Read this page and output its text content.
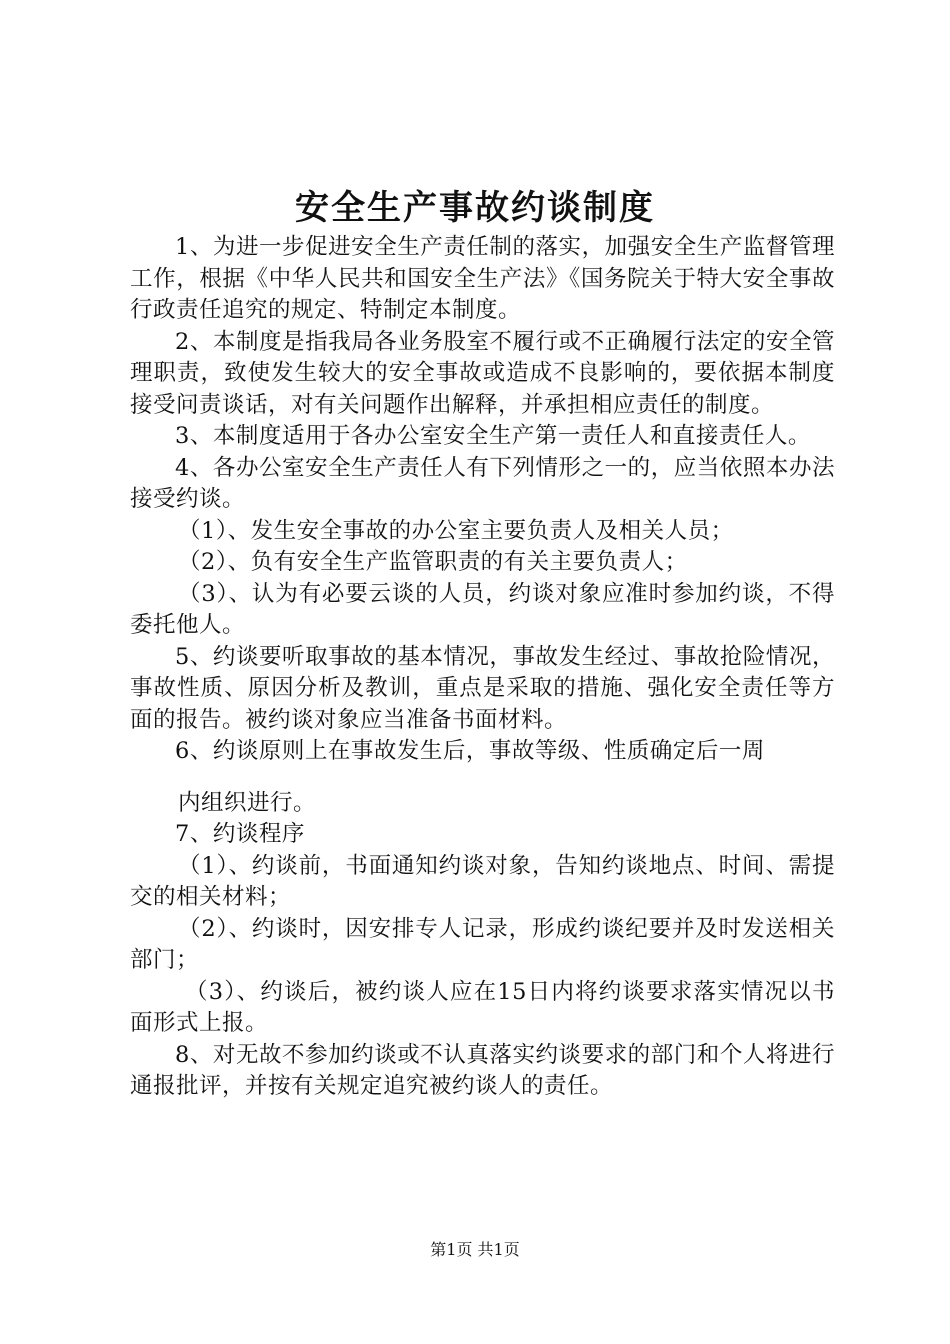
安全生产事故约谈制度

1、为进一步促进安全生产责任制的落实，加强安全生产监督管理工作，根据《中华人民共和国安全生产法》《国务院关于特大安全事故行政责任追究的规定、特制定本制度。

2、本制度是指我局各业务股室不履行或不正确履行法定的安全管理职责，致使发生较大的安全事故或造成不良影响的，要依据本制度接受问责谈话，对有关问题作出解释，并承担相应责任的制度。

3、本制度适用于各办公室安全生产第一责任人和直接责任人。

4、各办公室安全生产责任人有下列情形之一的，应当依照本办法接受约谈。

（1）、发生安全事故的办公室主要负责人及相关人员；

（2）、负有安全生产监管职责的有关主要负责人；

（3）、认为有必要云谈的人员，约谈对象应准时参加约谈，不得委托他人。

5、约谈要听取事故的基本情况，事故发生经过、事故抢险情况，事故性质、原因分析及教训，重点是采取的措施、强化安全责任等方面的报告。被约谈对象应当准备书面材料。

6、约谈原则上在事故发生后，事故等级、性质确定后一周

内组织进行。

7、约谈程序

（1）、约谈前，书面通知约谈对象，告知约谈地点、时间、需提交的相关材料；

（2）、约谈时，因安排专人记录，形成约谈纪要并及时发送相关部门；

（3）、约谈后，被约谈人应在15日内将约谈要求落实情况以书面形式上报。

8、对无故不参加约谈或不认真落实约谈要求的部门和个人将进行通报批评，并按有关规定追究被约谈人的责任。

第1页 共1页
